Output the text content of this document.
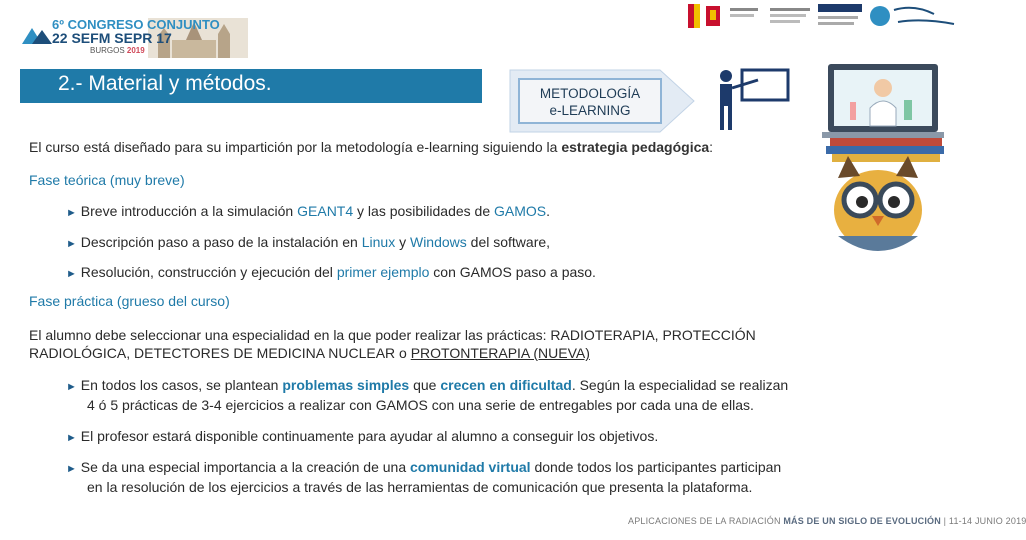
6º CONGRESO CONJUNTO
22 SEFM SEPR 17
BURGOS 2019
2.- Material y métodos.	METODOLOGÍA
e-LEARNING
El curso está diseñado para su impartición por la metodología e-learning siguiendo la estrategia pedagógica:
Fase teórica (muy breve)
► Breve introducción a la simulación GEANT4 y las posibilidades de GAMOS.
► Descripción paso a paso de la instalación en Linux y Windows del software,
► Resolución, construcción y ejecución del primer ejemplo con GAMOS paso a paso.
Fase práctica (grueso del curso)
El alumno debe seleccionar una especialidad en la que poder realizar las prácticas: RADIOTERAPIA, PROTECCIÓN
RADIOLÓGICA, DETECTORES DE MEDICINA NUCLEAR o PROTONTERAPIA (NUEVA)
► En todos los casos, se plantean problemas simples que crecen en dificultad. Según la especialidad se realizan
4 ó 5 prácticas de 3-4 ejercicios a realizar con GAMOS con una serie de entregables por cada una de ellas.
► El profesor estará disponible continuamente para ayudar al alumno a conseguir los objetivos.
► Se da una especial importancia a la creación de una comunidad virtual donde todos los participantes participan
en la resolución de los ejercicios a través de las herramientas de comunicación que presenta la plataforma.
APLICACIONES DE LA RADIACIÓN MÁS DE UN SIGLO DE EVOLUCIÓN | 11-14 JUNIO 2019
